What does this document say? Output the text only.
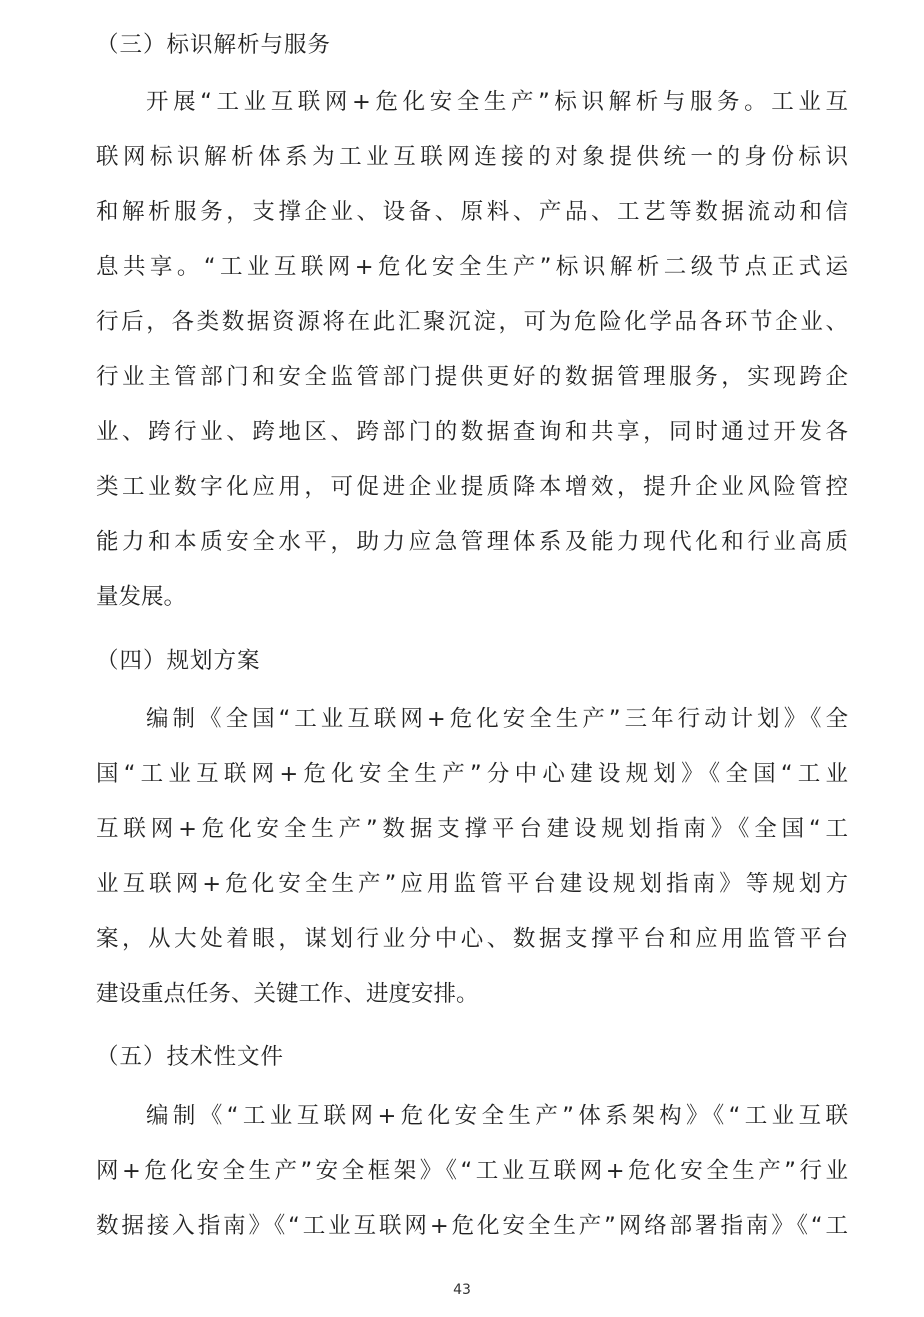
（三）标识解析与服务
开展“工业互联网+危化安全生产”标识解析与服务。工业互
联网标识解析体系为工业互联网连接的对象提供统一的身份标识
和解析服务，支撑企业、设备、原料、产品、工艺等数据流动和信
息共享。“工业互联网+危化安全生产”标识解析二级节点正式运
行后，各类数据资源将在此汇聚沉淀，可为危险化学品各环节企业、
行业主管部门和安全监管部门提供更好的数据管理服务，实现跨企
业、跨行业、跨地区、跨部门的数据查询和共享，同时通过开发各
类工业数字化应用，可促进企业提质降本增效，提升企业风险管控
能力和本质安全水平，助力应急管理体系及能力现代化和行业高质
量发展。
（四）规划方案
编制《全国“工业互联网+危化安全生产”三年行动计划》《全
国“工业互联网+危化安全生产”分中心建设规划》《全国“工业
互联网+危化安全生产”数据支撑平台建设规划指南》《全国“工
业互联网+危化安全生产”应用监管平台建设规划指南》等规划方
案，从大处着眼，谋划行业分中心、数据支撑平台和应用监管平台
建设重点任务、关键工作、进度安排。
（五）技术性文件
编制《“工业互联网+危化安全生产”体系架构》《“工业互联
网+危化安全生产”安全框架》《“工业互联网+危化安全生产”行业
数据接入指南》《“工业互联网+危化安全生产”网络部署指南》《“工
43
